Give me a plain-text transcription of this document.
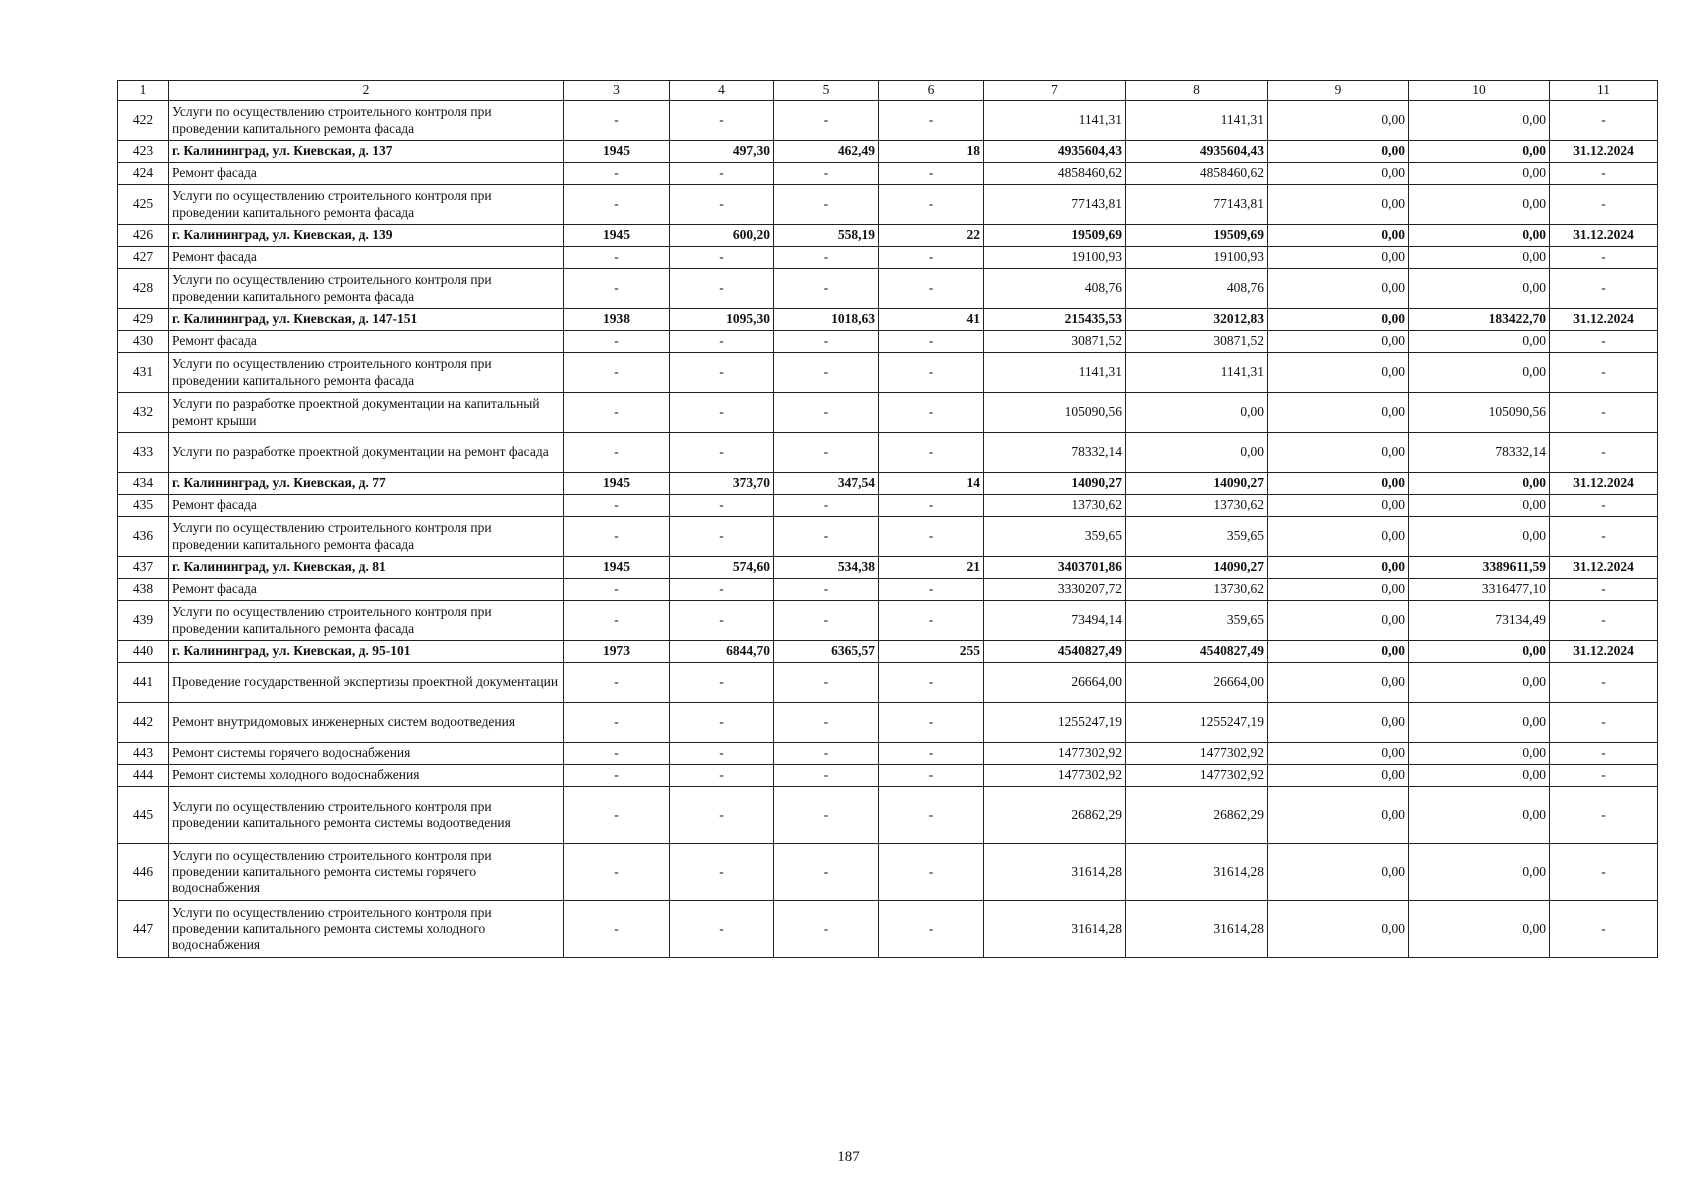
1	2	3	4	5	6	7	8	9	10	11
422	Услуги по осуществлению строительного контроля при проведении капитального ремонта фасада	-	-	-	-	1141,31	1141,31	0,00	0,00	-
423	г. Калининград, ул. Киевская, д. 137	1945	497,30	462,49	18	4935604,43	4935604,43	0,00	0,00	31.12.2024
424	Ремонт фасада	-	-	-	-	4858460,62	4858460,62	0,00	0,00	-
425	Услуги по осуществлению строительного контроля при проведении капитального ремонта фасада	-	-	-	-	77143,81	77143,81	0,00	0,00	-
426	г. Калининград, ул. Киевская, д. 139	1945	600,20	558,19	22	19509,69	19509,69	0,00	0,00	31.12.2024
427	Ремонт фасада	-	-	-	-	19100,93	19100,93	0,00	0,00	-
428	Услуги по осуществлению строительного контроля при проведении капитального ремонта фасада	-	-	-	-	408,76	408,76	0,00	0,00	-
429	г. Калининград, ул. Киевская, д. 147-151	1938	1095,30	1018,63	41	215435,53	32012,83	0,00	183422,70	31.12.2024
430	Ремонт фасада	-	-	-	-	30871,52	30871,52	0,00	0,00	-
431	Услуги по осуществлению строительного контроля при проведении капитального ремонта фасада	-	-	-	-	1141,31	1141,31	0,00	0,00	-
432	Услуги по разработке проектной документации на капитальный ремонт крыши	-	-	-	-	105090,56	0,00	0,00	105090,56	-
433	Услуги по разработке проектной документации на ремонт фасада	-	-	-	-	78332,14	0,00	0,00	78332,14	-
434	г. Калининград, ул. Киевская, д. 77	1945	373,70	347,54	14	14090,27	14090,27	0,00	0,00	31.12.2024
435	Ремонт фасада	-	-	-	-	13730,62	13730,62	0,00	0,00	-
436	Услуги по осуществлению строительного контроля при проведении капитального ремонта фасада	-	-	-	-	359,65	359,65	0,00	0,00	-
437	г. Калининград, ул. Киевская, д. 81	1945	574,60	534,38	21	3403701,86	14090,27	0,00	3389611,59	31.12.2024
438	Ремонт фасада	-	-	-	-	3330207,72	13730,62	0,00	3316477,10	-
439	Услуги по осуществлению строительного контроля при проведении капитального ремонта фасада	-	-	-	-	73494,14	359,65	0,00	73134,49	-
440	г. Калининград, ул. Киевская, д. 95-101	1973	6844,70	6365,57	255	4540827,49	4540827,49	0,00	0,00	31.12.2024
441	Проведение государственной экспертизы проектной документации	-	-	-	-	26664,00	26664,00	0,00	0,00	-
442	Ремонт внутридомовых инженерных систем водоотведения	-	-	-	-	1255247,19	1255247,19	0,00	0,00	-
443	Ремонт системы горячего водоснабжения	-	-	-	-	1477302,92	1477302,92	0,00	0,00	-
444	Ремонт системы холодного водоснабжения	-	-	-	-	1477302,92	1477302,92	0,00	0,00	-
445	Услуги по осуществлению строительного контроля при проведении капитального ремонта системы водоотведения	-	-	-	-	26862,29	26862,29	0,00	0,00	-
446	Услуги по осуществлению строительного контроля при проведении капитального ремонта системы горячего водоснабжения	-	-	-	-	31614,28	31614,28	0,00	0,00	-
447	Услуги по осуществлению строительного контроля при проведении капитального ремонта системы холодного водоснабжения	-	-	-	-	31614,28	31614,28	0,00	0,00	-
187
